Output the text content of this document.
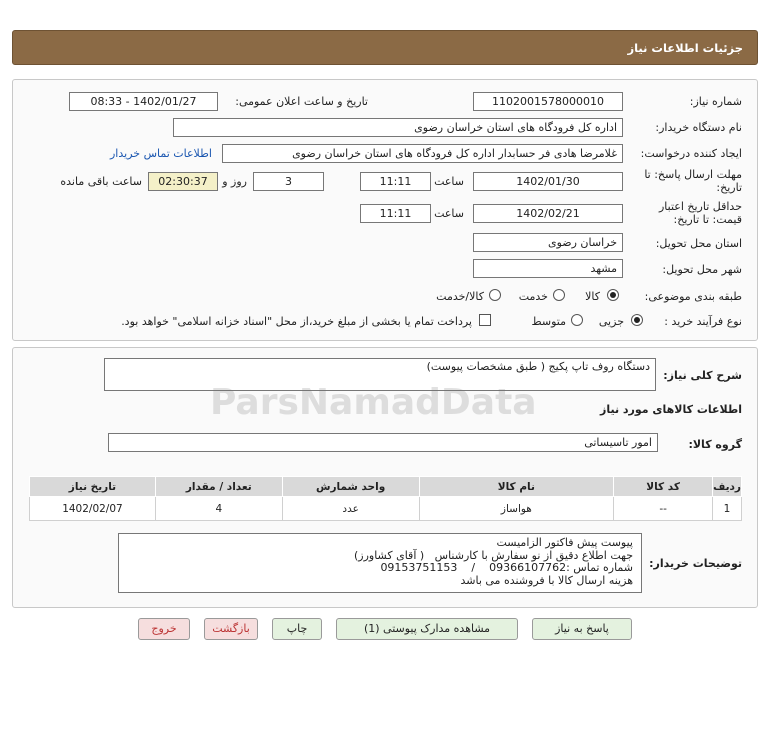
جزئیات اطلاعات نیاز
شماره نیاز:
1102001578000010
تاریخ و ساعت اعلان عمومی:
1402/01/27 - 08:33
نام دستگاه خریدار:
اداره کل فرودگاه های استان خراسان رضوی
ایجاد کننده درخواست:
غلامرضا هادی فر حسابدار اداره کل فرودگاه های استان خراسان رضوی
اطلاعات تماس خریدار
مهلت ارسال پاسخ: تا
تاریخ:
1402/01/30
ساعت
11:11
3
روز و
02:30:37
ساعت باقی مانده
حداقل تاریخ اعتبار
قیمت: تا تاریخ:
1402/02/21
ساعت
11:11
استان محل تحویل:
خراسان رضوی
شهر محل تحویل:
مشهد
طبقه بندی موضوعی:
کالا
خدمت
کالا/خدمت
نوع فرآیند خرید :
جزیی
متوسط
پرداخت تمام یا بخشی از مبلغ خرید،از محل "اسناد خزانه اسلامی" خواهد بود.
شرح کلی نیاز:
دستگاه روف تاپ پکیج ( طبق مشخصات پیوست)
اطلاعات کالاهای مورد نیاز
گروه کالا:
امور تاسیساتی
ردیف	کد کالا	نام کالا	واحد شمارش	تعداد / مقدار	تاریخ نیاز
1	--	هواساز	عدد	4	1402/02/07
توضیحات خریدار:
پیوست پیش فاکتور الزامیست
جهت اطلاع دقیق از نو سفارش با کارشناس   ( آقای کشاورز)
شماره تماس :09366107762    /    09153751153
هزینه ارسال کالا با فروشنده می باشد
ParsNamadData
پاسخ به نیاز
مشاهده مدارک پیوستی (1)
چاپ
بازگشت
خروج
